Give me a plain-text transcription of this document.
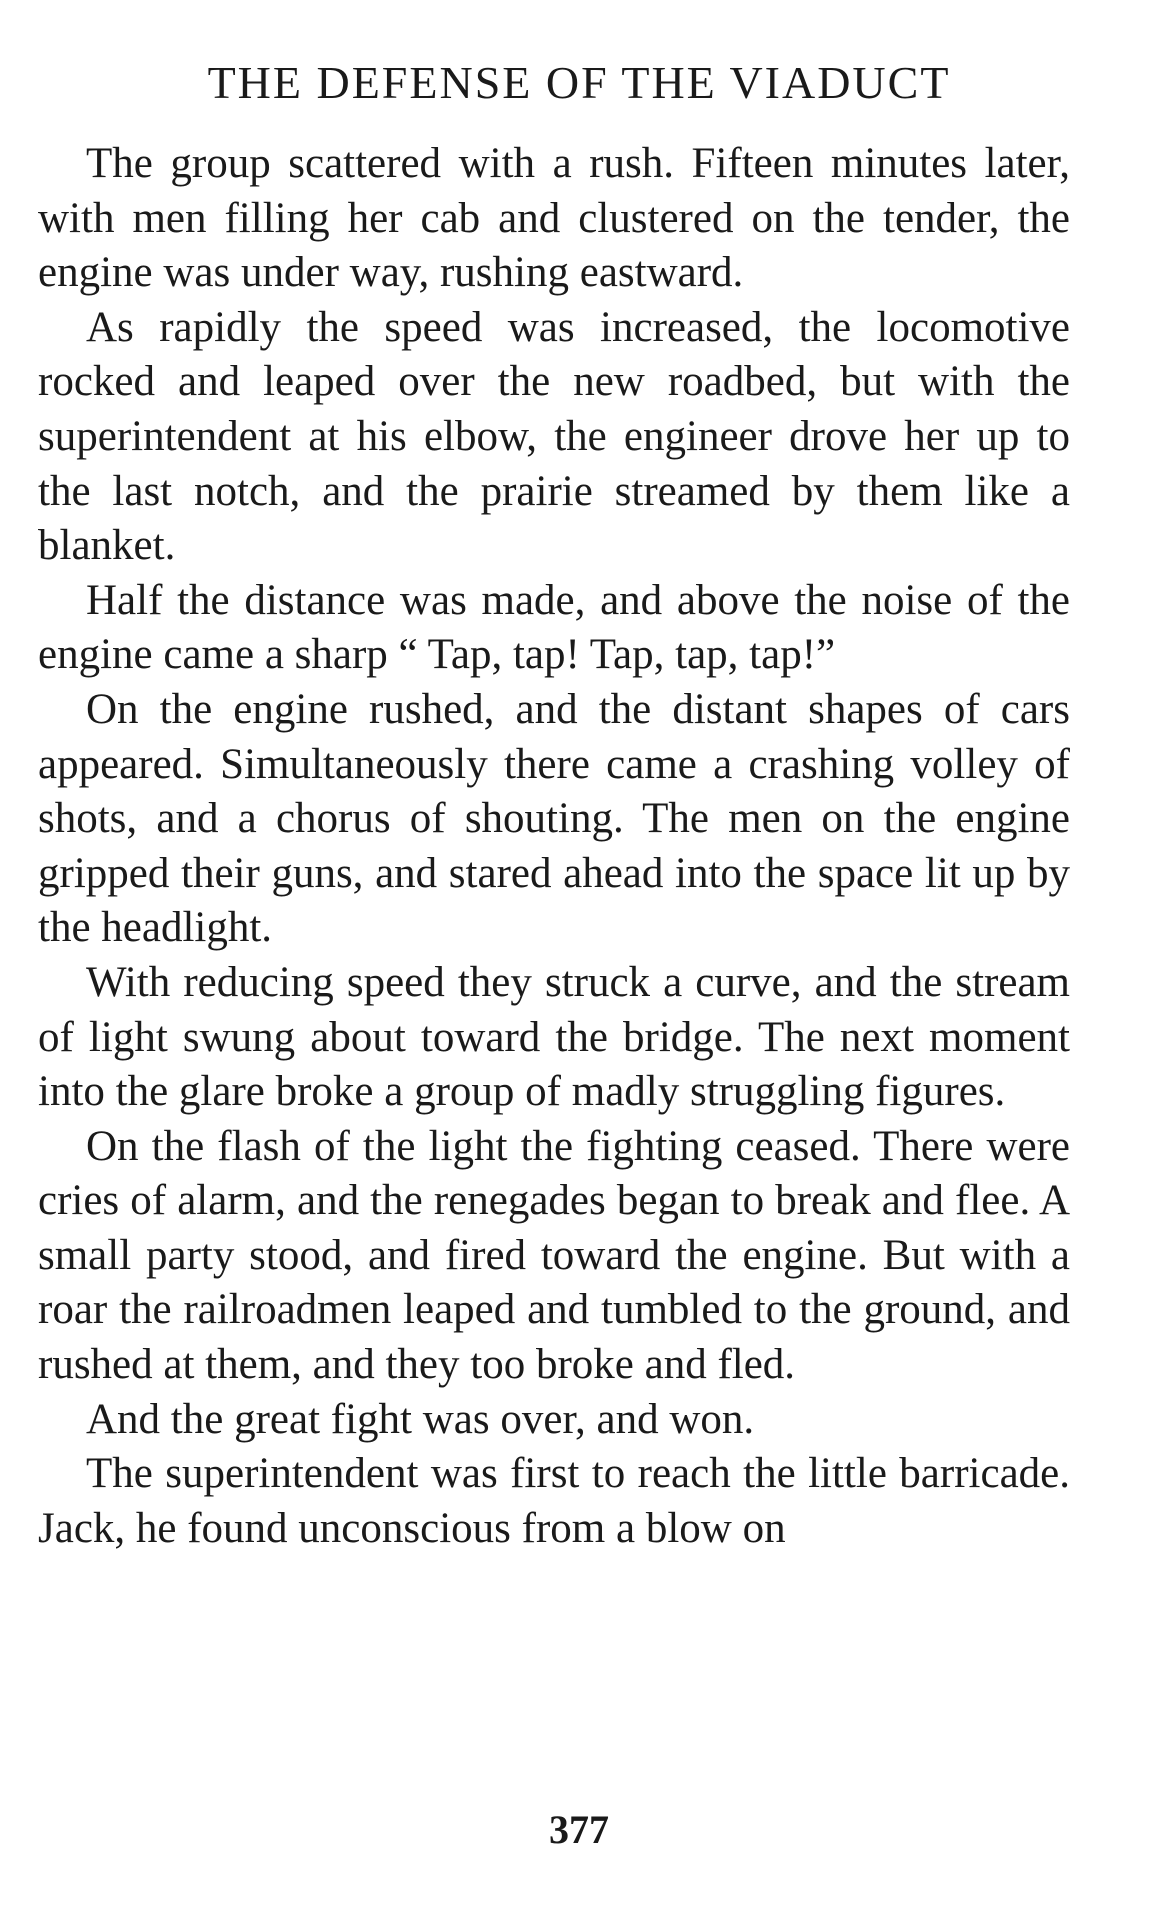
THE DEFENSE OF THE VIADUCT

The group scattered with a rush. Fifteen minutes later, with men filling her cab and clustered on the tender, the engine was under way, rushing eastward.

As rapidly the speed was increased, the locomotive rocked and leaped over the new roadbed, but with the superintendent at his elbow, the engineer drove her up to the last notch, and the prairie streamed by them like a blanket.

Half the distance was made, and above the noise of the engine came a sharp “ Tap, tap! Tap, tap, tap!”

On the engine rushed, and the distant shapes of cars appeared. Simultaneously there came a crashing volley of shots, and a chorus of shouting. The men on the engine gripped their guns, and stared ahead into the space lit up by the headlight.

With reducing speed they struck a curve, and the stream of light swung about toward the bridge. The next moment into the glare broke a group of madly struggling figures.

On the flash of the light the fighting ceased. There were cries of alarm, and the renegades began to break and flee. A small party stood, and fired toward the engine. But with a roar the railroadmen leaped and tumbled to the ground, and rushed at them, and they too broke and fled.

And the great fight was over, and won.

The superintendent was first to reach the little barricade. Jack, he found unconscious from a blow on

377
